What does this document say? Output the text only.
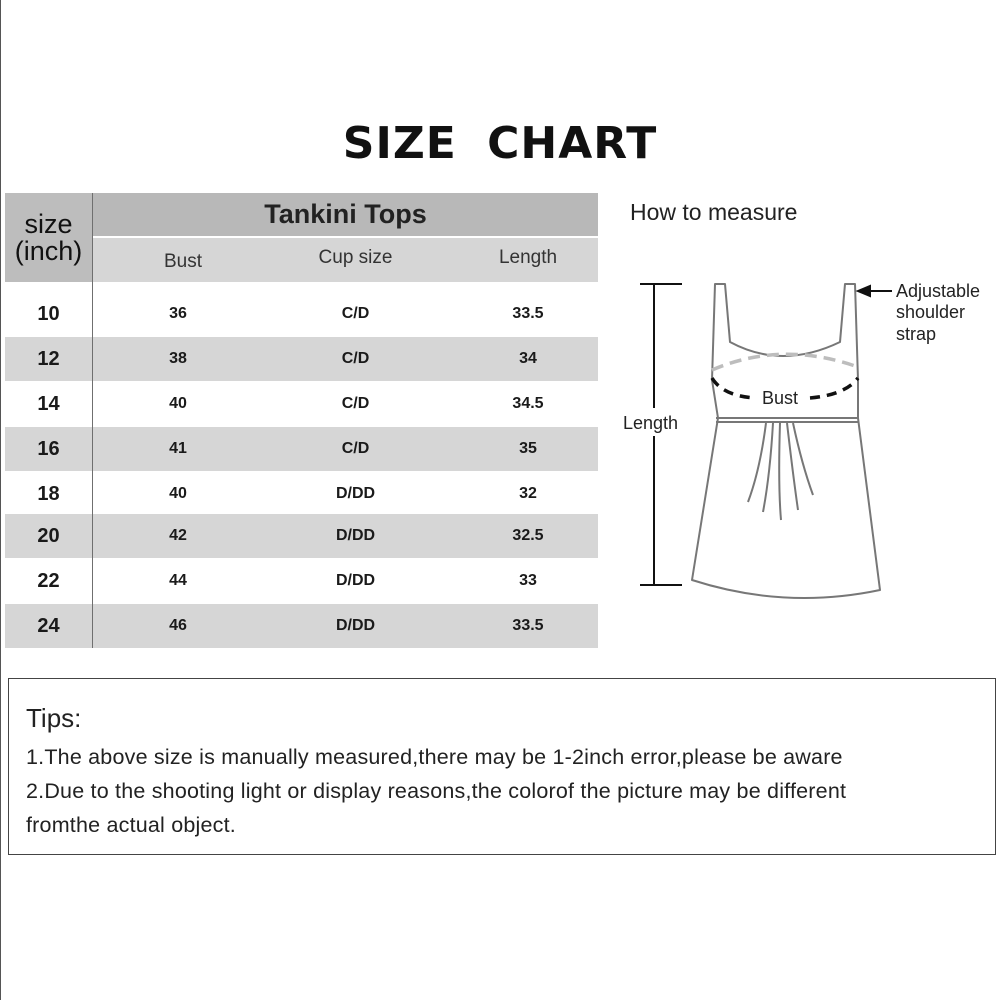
SIZE CHART
size
(inch)
Tankini Tops
Bust	Cup size	Length
10	36	C/D	33.5
12	38	C/D	34
14	40	C/D	34.5
16	41	C/D	35
18	40	D/DD	32
20	42	D/DD	32.5
22	44	D/DD	33
24	46	D/DD	33.5
How to measure
Bust
Length
Adjustable
shoulder
strap
Tips:
1.The above size is manually measured,there may be 1-2inch error,please be aware
2.Due to the shooting light or display reasons,the colorof the picture may be different
fromthe actual object.
